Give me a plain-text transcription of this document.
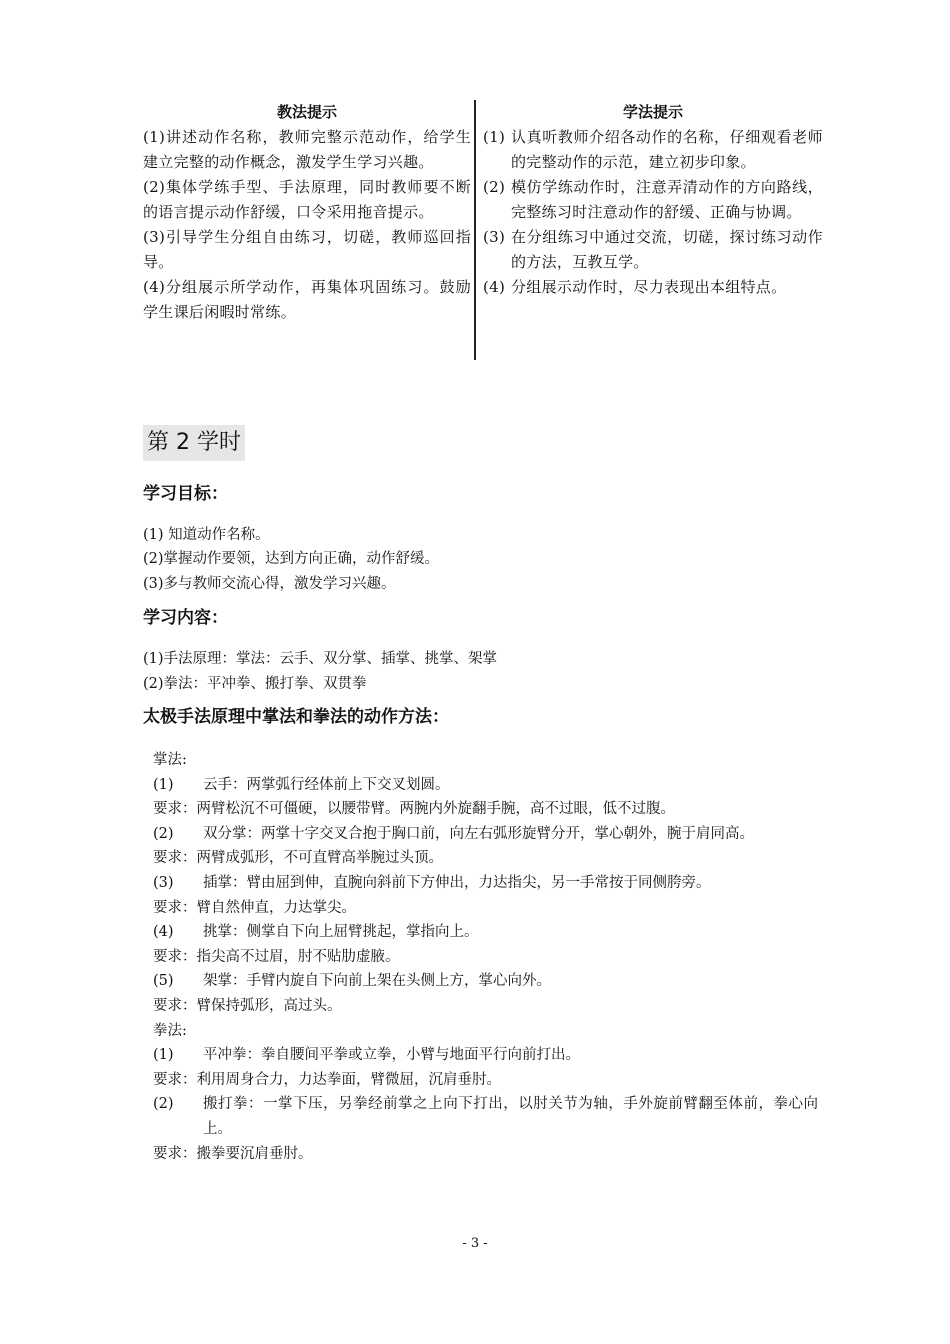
教法提示
(1)讲述动作名称，教师完整示范动作，给学生建立完整的动作概念，激发学生学习兴趣。
(2)集体学练手型、手法原理，同时教师要不断的语言提示动作舒缓，口令采用拖音提示。
(3)引导学生分组自由练习，切磋，教师巡回指导。
(4)分组展示所学动作，再集体巩固练习。鼓励学生课后闲暇时常练。
学法提示
(1) 认真听教师介绍各动作的名称，仔细观看老师的完整动作的示范，建立初步印象。
(2) 模仿学练动作时，注意弄清动作的方向路线，完整练习时注意动作的舒缓、正确与协调。
(3) 在分组练习中通过交流，切磋，探讨练习动作的方法，互教互学。
(4) 分组展示动作时，尽力表现出本组特点。
第 2 学时
学习目标：
(1) 知道动作名称。
(2)掌握动作要领，达到方向正确，动作舒缓。
(3)多与教师交流心得，激发学习兴趣。
学习内容：
(1)手法原理：掌法：云手、双分掌、插掌、挑掌、架掌
(2)拳法：平冲拳、搬打拳、双贯拳
太极手法原理中掌法和拳法的动作方法：
掌法:
(1) 云手：两掌弧行经体前上下交叉划圆。
要求：两臂松沉不可僵硬，以腰带臂。两腕内外旋翻手腕，高不过眼，低不过腹。
(2) 双分掌：两掌十字交叉合抱于胸口前，向左右弧形旋臂分开，掌心朝外，腕于肩同高。
要求：两臂成弧形，不可直臂高举腕过头顶。
(3) 插掌：臂由屈到伸，直腕向斜前下方伸出，力达指尖，另一手常按于同侧胯旁。
要求：臂自然伸直，力达掌尖。
(4) 挑掌：侧掌自下向上屈臂挑起，掌指向上。
要求：指尖高不过眉，肘不贴肋虚腋。
(5) 架掌：手臂内旋自下向前上架在头侧上方，掌心向外。
要求：臂保持弧形，高过头。
拳法:
(1) 平冲拳：拳自腰间平拳或立拳，小臂与地面平行向前打出。
要求：利用周身合力，力达拳面，臂微屈，沉肩垂肘。
(2) 搬打拳：一掌下压，另拳经前掌之上向下打出，以肘关节为轴，手外旋前臂翻至体前，拳心向上。
要求：搬拳要沉肩垂肘。
- 3 -
